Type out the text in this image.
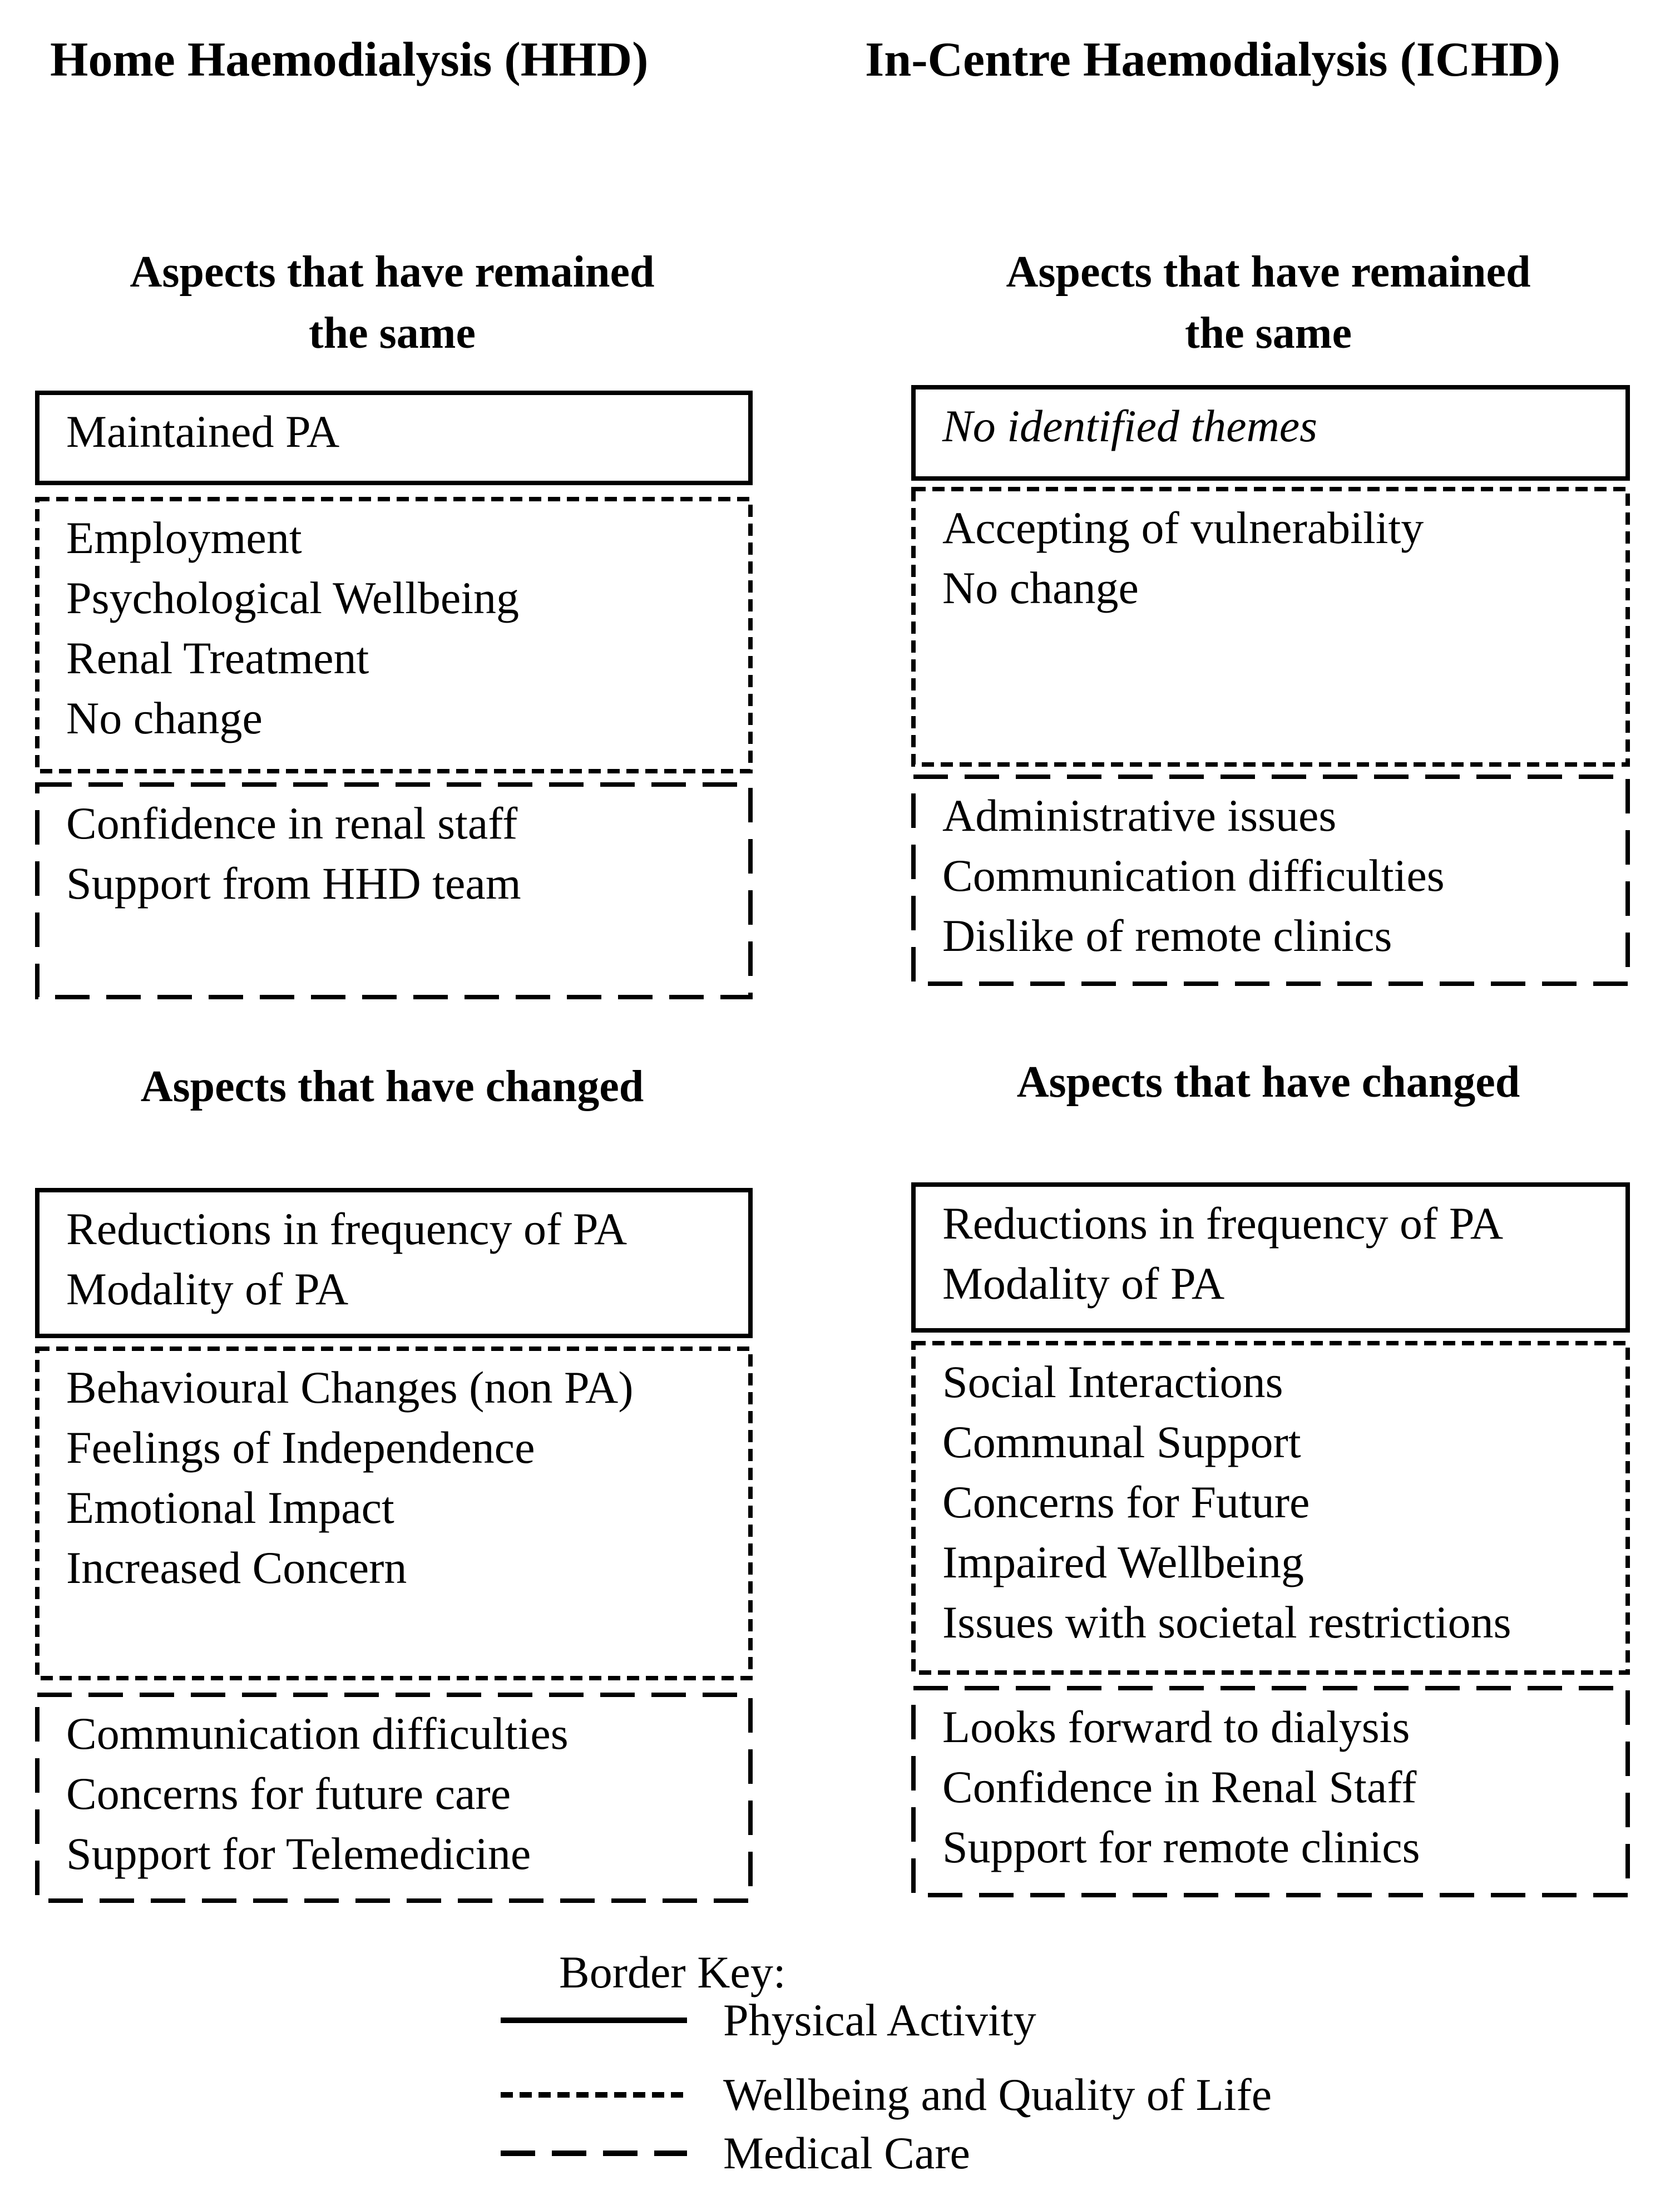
Home Haemodialysis (HHD)	In-Centre Haemodialysis (ICHD)
Aspects that have remained
the same
Maintained PA
Employment
Psychological Wellbeing
Renal Treatment
No change
Confidence in renal staff
Support from HHD team
Aspects that have changed
Reductions in frequency of PA
Modality of PA
Behavioural Changes (non PA)
Feelings of Independence
Emotional Impact
Increased Concern
Communication difficulties
Concerns for future care
Support for Telemedicine
Aspects that have remained
the same
No identified themes
Accepting of vulnerability
No change
Administrative issues
Communication difficulties
Dislike of remote clinics
Aspects that have changed
Reductions in frequency of PA
Modality of PA
Social Interactions
Communal Support
Concerns for Future
Impaired Wellbeing
Issues with societal restrictions
Looks forward to dialysis
Confidence in Renal Staff
Support for remote clinics
Border Key:
Physical Activity
Wellbeing and Quality of Life
Medical Care
